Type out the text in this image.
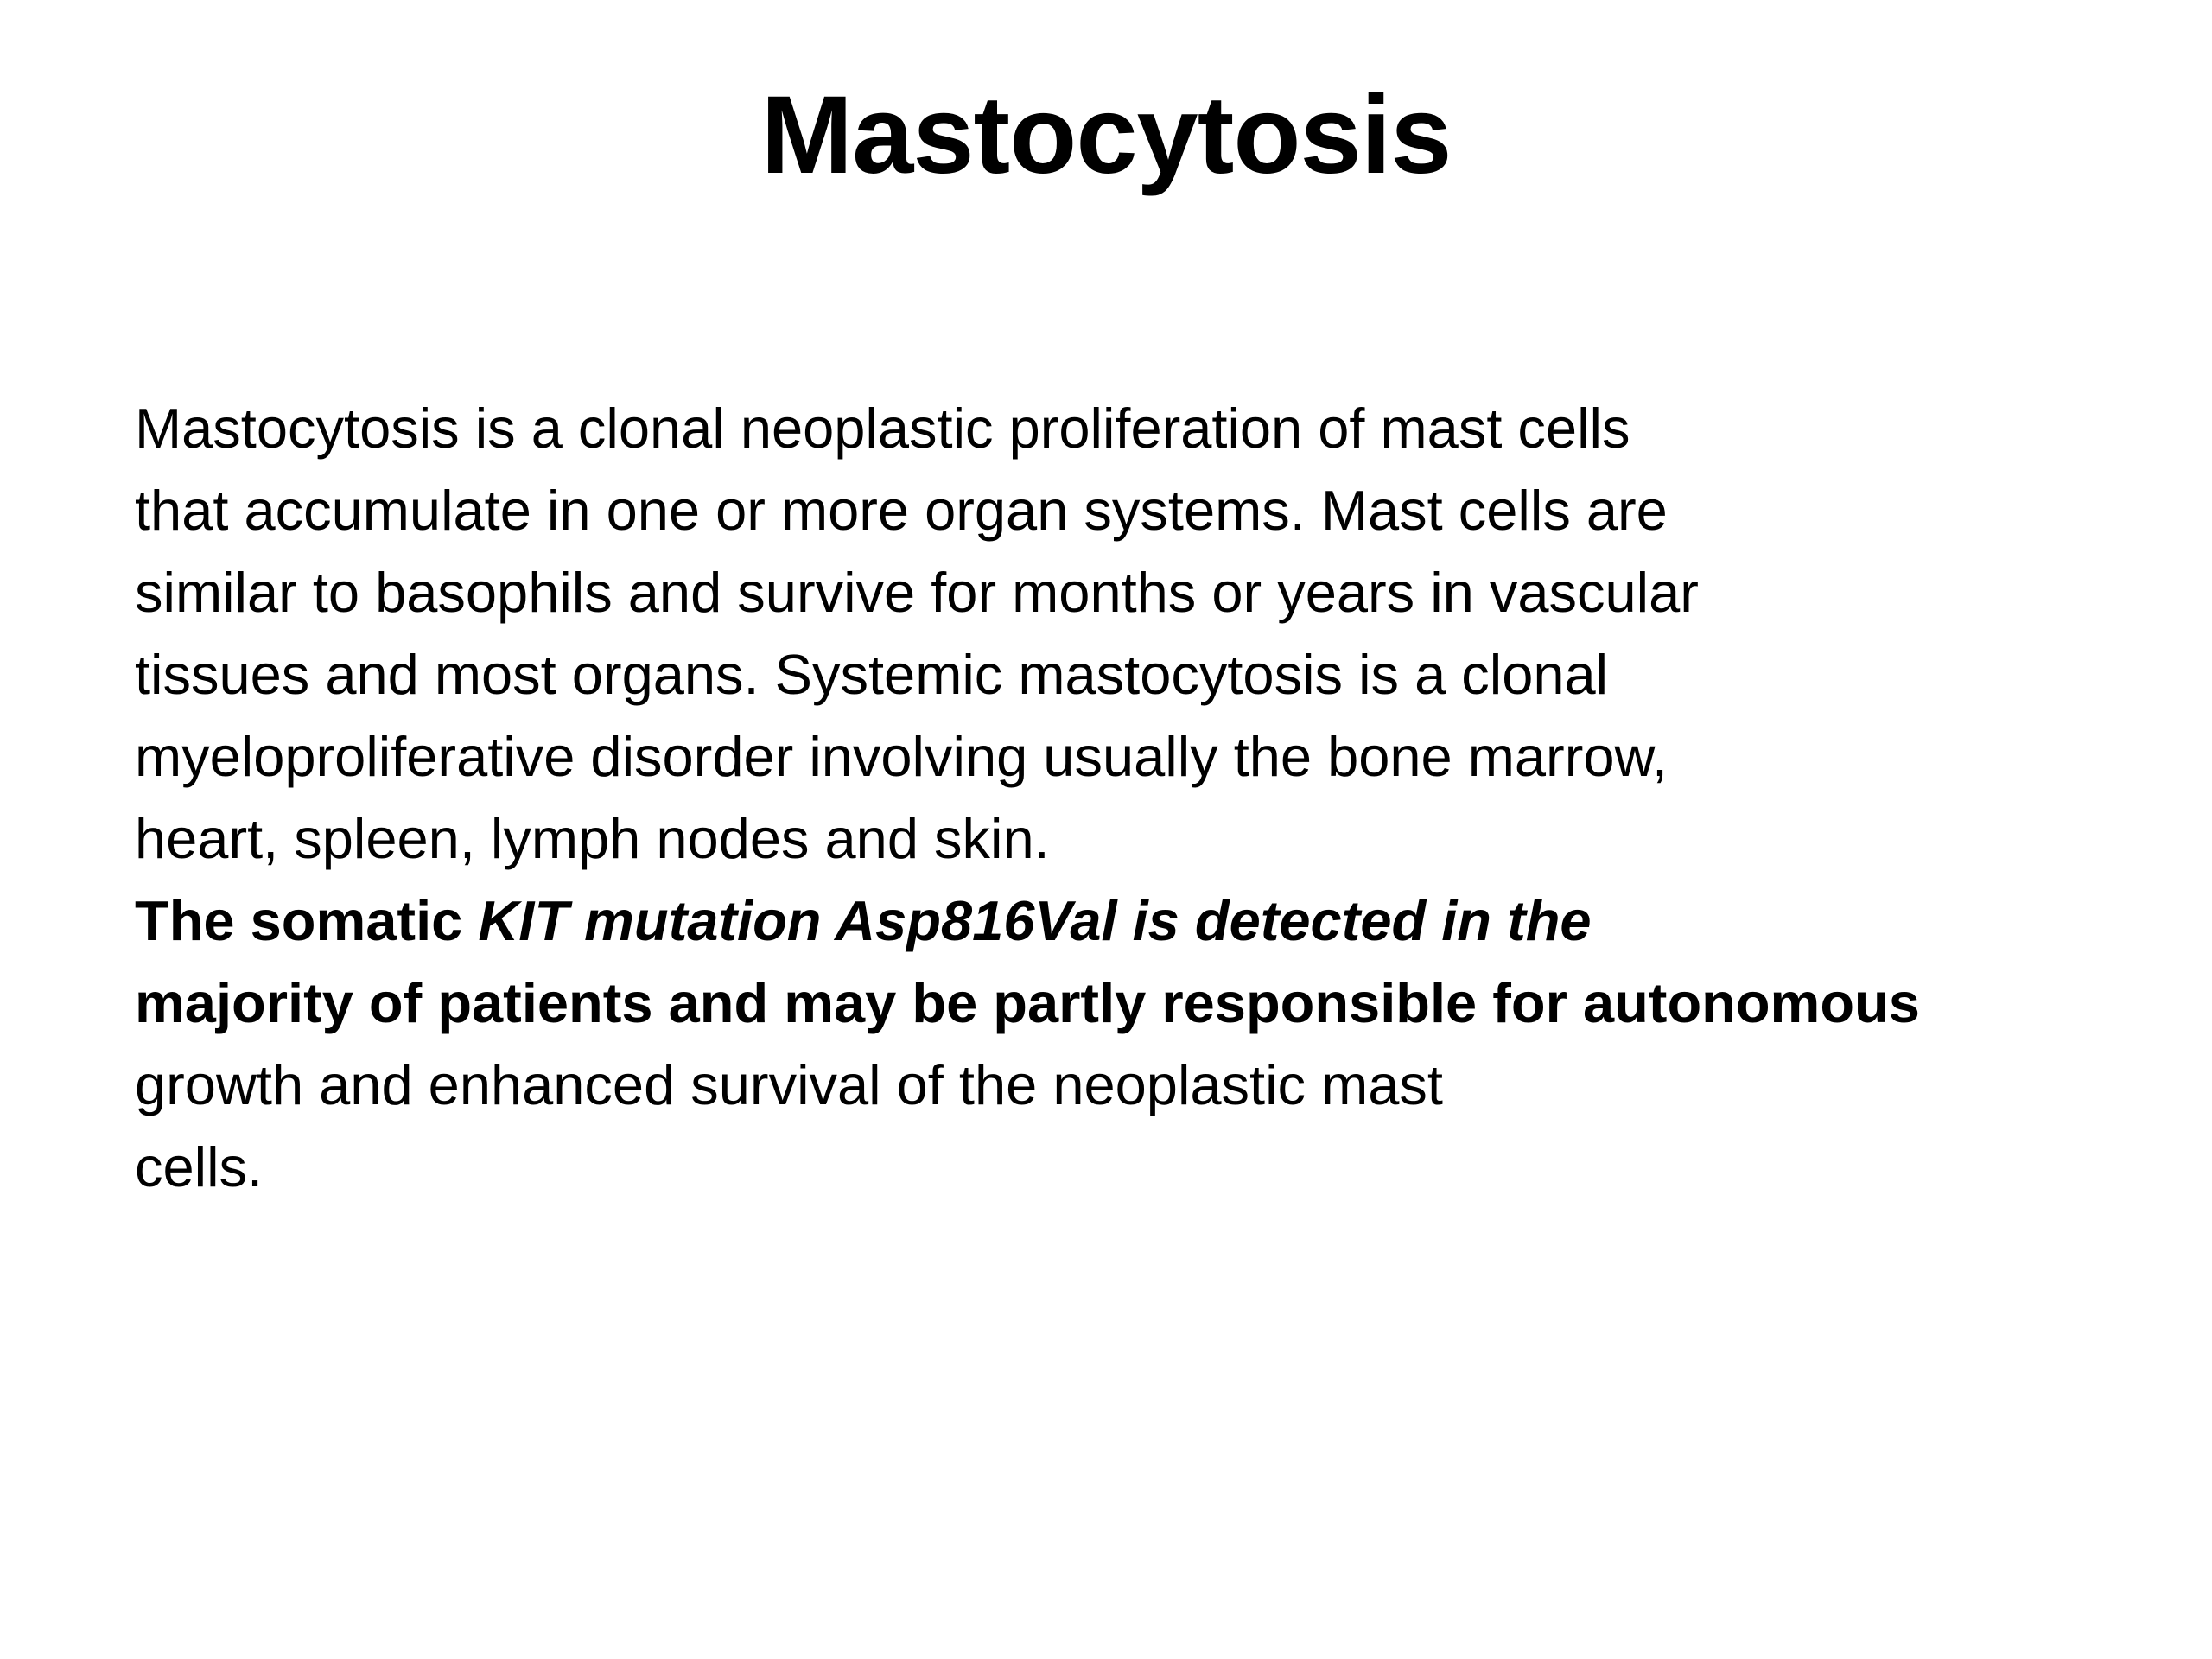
Mastocytosis
Mastocytosis is a clonal neoplastic proliferation of mast cells
that accumulate in one or more organ systems. Mast cells are
similar to basophils and survive for months or years in vascular
tissues and most organs. Systemic mastocytosis is a clonal
myeloproliferative disorder involving usually the bone marrow,
heart, spleen, lymph nodes and skin.
The somatic KIT mutation Asp816Val is detected in the
majority of patients and may be partly responsible for autonomous
growth and enhanced survival of the neoplastic mast
cells.
